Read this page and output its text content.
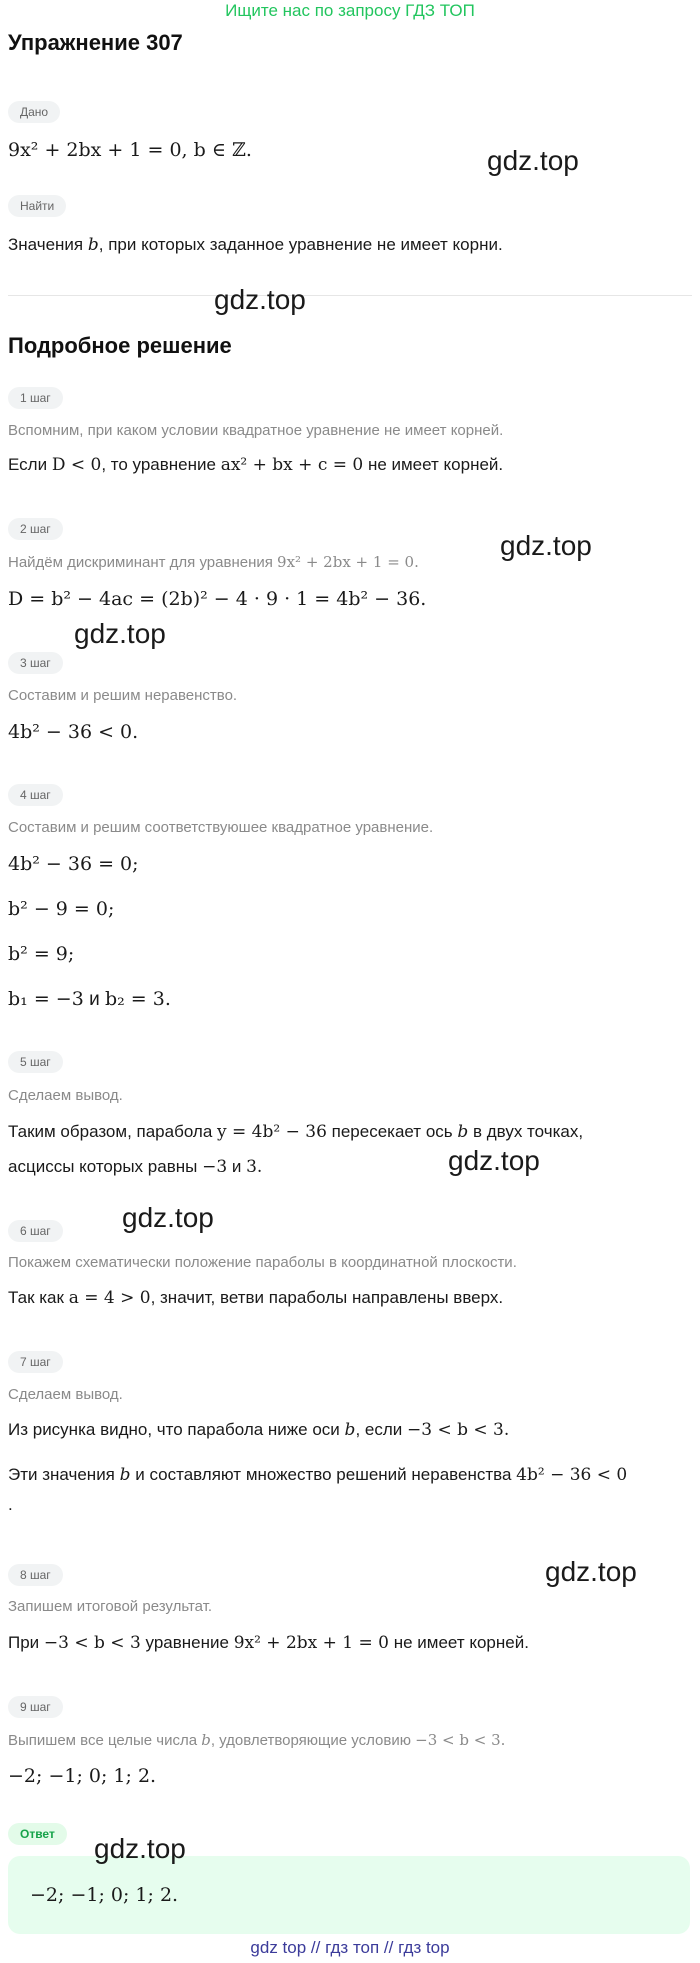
Ищите нас по запросу ГДЗ ТОП
Упражнение 307
Дано
9x² + 2bx + 1 = 0, b ∈ ℤ.	gdz.top
Найти
Значения b, при которых заданное уравнение не имеет корни.
gdz.top
Подробное решение
1 шаг
Вспомним, при каком условии квадратное уравнение не имеет корней.
Если D < 0, то уравнение ax² + bx + c = 0 не имеет корней.
2 шаг
Найдём дискриминант для уравнения 9x² + 2bx + 1 = 0.
gdz.top
D = b² − 4ac = (2b)² − 4 · 9 · 1 = 4b² − 36.
gdz.top
3 шаг
Составим и решим неравенство.
4b² − 36 < 0.
4 шаг
Составим и решим соответствуюшее квадратное уравнение.
4b² − 36 = 0;
b² − 9 = 0;
b² = 9;
b₁ = −3 и b₂ = 3.
5 шаг
Сделаем вывод.
Таким образом, парабола y = 4b² − 36 пересекает ось b в двух точках,
асциссы которых равны −3 и 3.	gdz.top
gdz.top
6 шаг
Покажем схематически положение параболы в координатной плоскости.
Так как a = 4 > 0, значит, ветви параболы направлены вверх.
7 шаг
Сделаем вывод.
Из рисунка видно, что парабола ниже оси b, если −3 < b < 3.
Эти значения b и составляют множество решений неравенства 4b² − 36 < 0
.
8 шаг	gdz.top
Запишем итоговой результат.
При −3 < b < 3 уравнение 9x² + 2bx + 1 = 0 не имеет корней.
9 шаг
Выпишем все целые числа b, удовлетворяющие условию −3 < b < 3.
−2; −1; 0; 1; 2.
Ответ	gdz.top
−2; −1; 0; 1; 2.
gdz top // гдз топ // гдз top
